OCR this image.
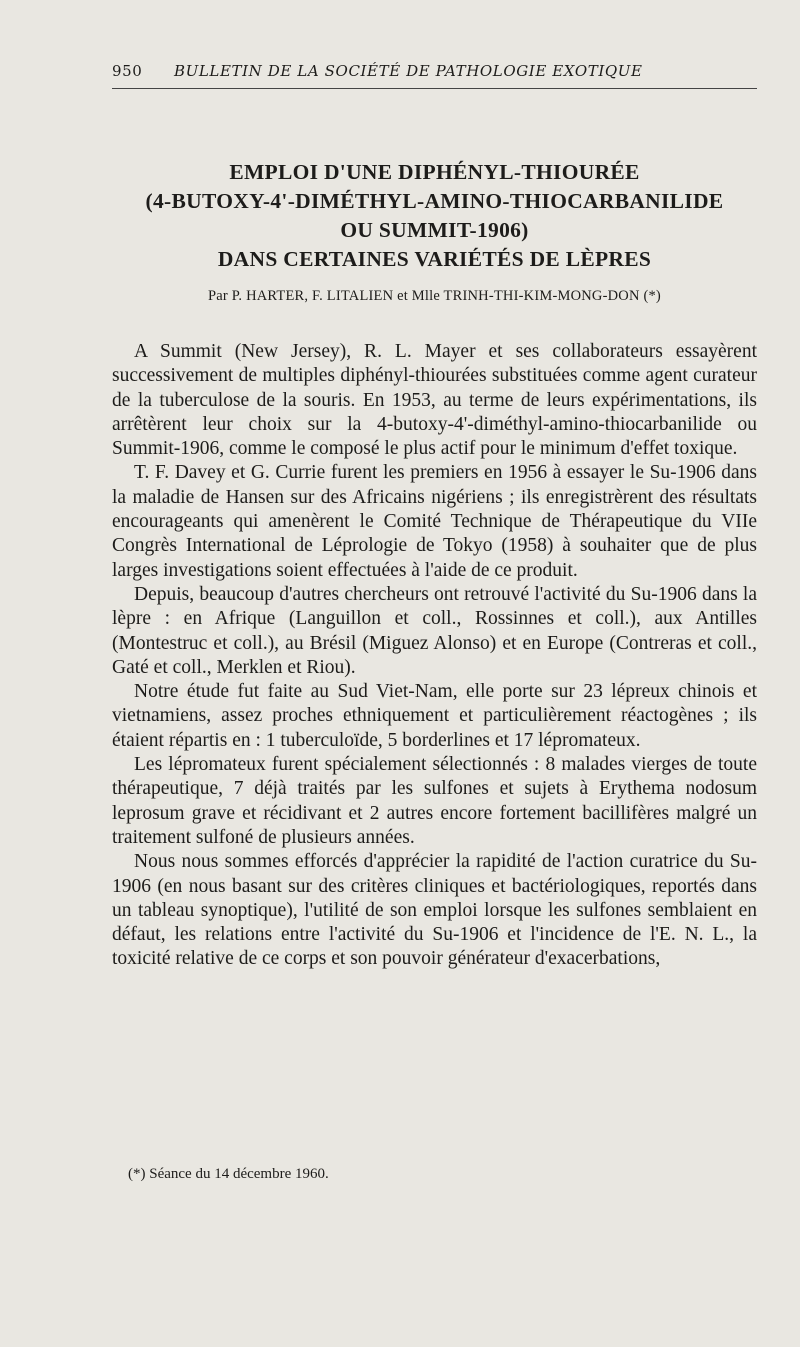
950 BULLETIN DE LA SOCIÉTÉ DE PATHOLOGIE EXOTIQUE
EMPLOI D'UNE DIPHÉNYL-THIOURÉE
(4-BUTOXY-4'-DIMÉTHYL-AMINO-THIOCARBANILIDE
OU SUMMIT-1906)
DANS CERTAINES VARIÉTÉS DE LÈPRES
Par P. HARTER, F. LITALIEN et Mlle TRINH-THI-KIM-MONG-DON (*)

A Summit (New Jersey), R. L. Mayer et ses collaborateurs essayèrent successivement de multiples diphényl-thiourées substituées comme agent curateur de la tuberculose de la souris. En 1953, au terme de leurs expérimentations, ils arrêtèrent leur choix sur la 4-butoxy-4'-diméthyl-amino-thiocarbanilide ou Summit-1906, comme le composé le plus actif pour le minimum d'effet toxique.

T. F. Davey et G. Currie furent les premiers en 1956 à essayer le Su-1906 dans la maladie de Hansen sur des Africains nigériens ; ils enregistrèrent des résultats encourageants qui amenèrent le Comité Technique de Thérapeutique du VIIe Congrès International de Léprologie de Tokyo (1958) à souhaiter que de plus larges investigations soient effectuées à l'aide de ce produit.

Depuis, beaucoup d'autres chercheurs ont retrouvé l'activité du Su-1906 dans la lèpre : en Afrique (Languillon et coll., Rossinnes et coll.), aux Antilles (Montestruc et coll.), au Brésil (Miguez Alonso) et en Europe (Contreras et coll., Gaté et coll., Merklen et Riou).

Notre étude fut faite au Sud Viet-Nam, elle porte sur 23 lépreux chinois et vietnamiens, assez proches ethniquement et particulièrement réactogènes ; ils étaient répartis en : 1 tuberculoïde, 5 borderlines et 17 lépromateux.

Les lépromateux furent spécialement sélectionnés : 8 malades vierges de toute thérapeutique, 7 déjà traités par les sulfones et sujets à Erythema nodosum leprosum grave et récidivant et 2 autres encore fortement bacillifères malgré un traitement sulfoné de plusieurs années.

Nous nous sommes efforcés d'apprécier la rapidité de l'action curatrice du Su-1906 (en nous basant sur des critères cliniques et bactériologiques, reportés dans un tableau synoptique), l'utilité de son emploi lorsque les sulfones semblaient en défaut, les relations entre l'activité du Su-1906 et l'incidence de l'E. N. L., la toxicité relative de ce corps et son pouvoir générateur d'exacerbations,

(*) Séance du 14 décembre 1960.
